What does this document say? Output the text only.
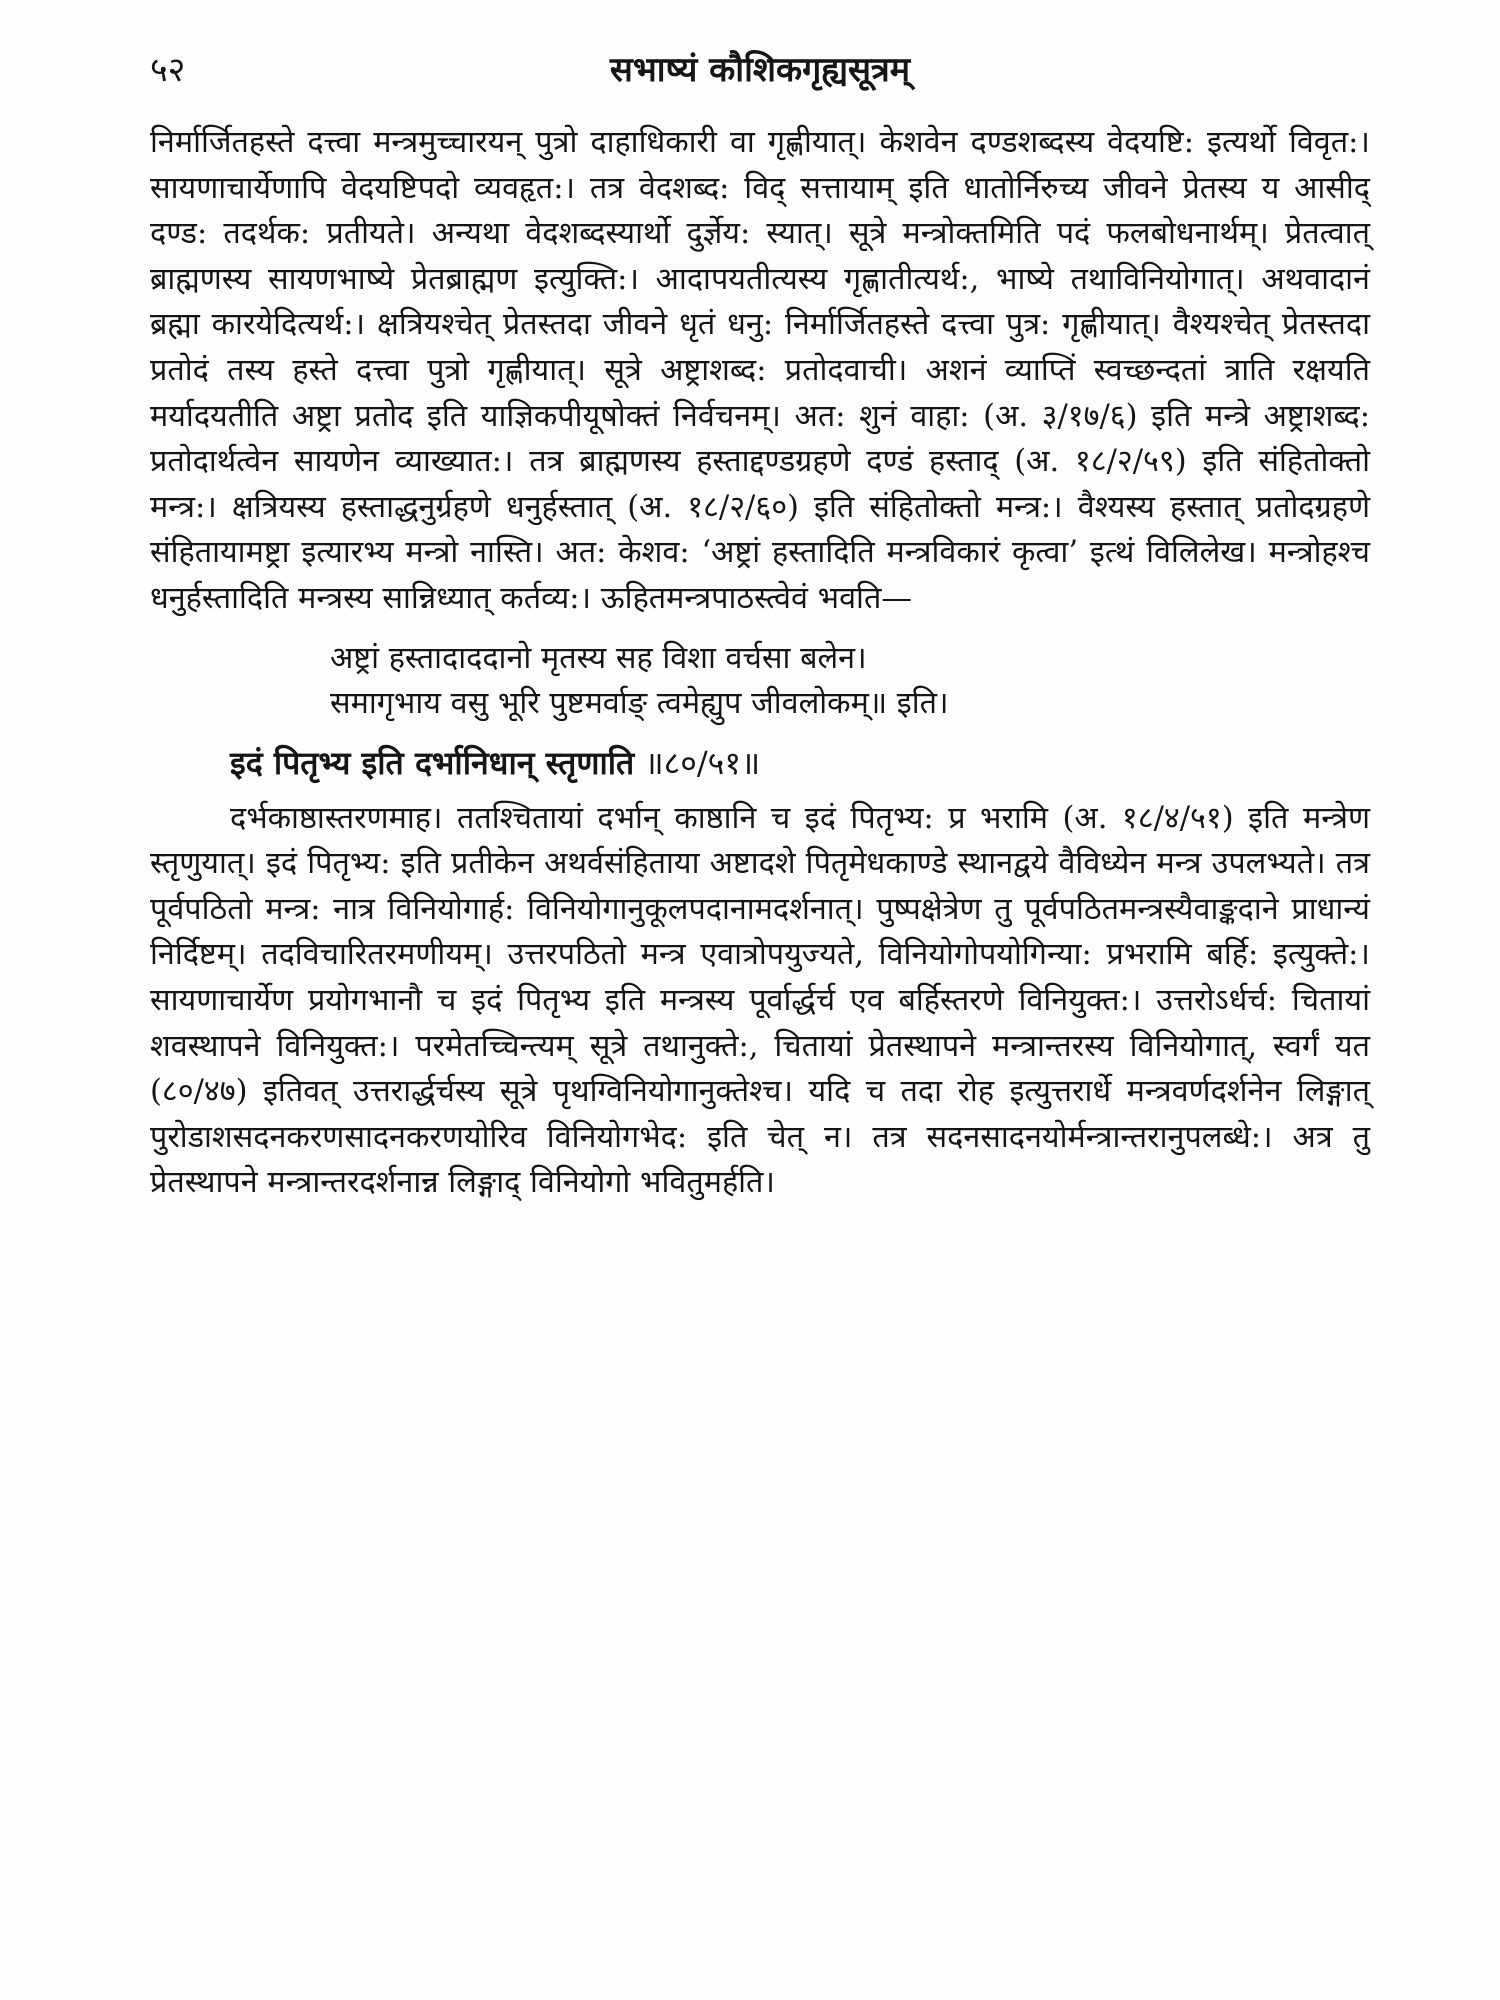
५२	सभाष्यं कौशिकगृह्यसूत्रम्

निर्मार्जितहस्ते दत्त्वा मन्त्रमुच्चारयन् पुत्रो दाहाधिकारी वा गृह्णीयात्। केशवेन दण्डशब्दस्य वेदयष्टि: इत्यर्थो विवृत:। सायणाचार्येणापि वेदयष्टिपदो व्यवहृत:। तत्र वेदशब्द: विद् सत्तायाम् इति धातोर्निरुच्य जीवने प्रेतस्य य आसीद् दण्ड: तदर्थक: प्रतीयते। अन्यथा वेदशब्दस्यार्थो दुर्ज्ञेय: स्यात्। सूत्रे मन्त्रोक्तमिति पदं फलबोधनार्थम्। प्रेतत्वात् ब्राह्मणस्य सायणभाष्ये प्रेतब्राह्मण इत्युक्ति:। आदापयतीत्यस्य गृह्णातीत्यर्थ:, भाष्ये तथाविनियोगात्। अथवादानं ब्रह्मा कारयेदित्यर्थ:। क्षत्रियश्चेत् प्रेतस्तदा जीवने धृतं धनु: निर्मार्जितहस्ते दत्त्वा पुत्र: गृह्णीयात्। वैश्यश्चेत् प्रेतस्तदा प्रतोदं तस्य हस्ते दत्त्वा पुत्रो गृह्णीयात्। सूत्रे अष्ट्राशब्द: प्रतोदवाची। अशनं व्याप्तिं स्वच्छन्दतां त्राति रक्षयति मर्यादयतीति अष्ट्रा प्रतोद इति याज्ञिकपीयूषोक्तं निर्वचनम्। अत: शुनं वाहा: (अ. ३/१७/६) इति मन्त्रे अष्ट्राशब्द: प्रतोदार्थत्वेन सायणेन व्याख्यात:। तत्र ब्राह्मणस्य हस्ताद्दण्डग्रहणे दण्डं हस्ताद् (अ. १८/२/५९) इति संहितोक्तो मन्त्र:। क्षत्रियस्य हस्ताद्धनुर्ग्रहणे धनुर्हस्तात् (अ. १८/२/६०) इति संहितोक्तो मन्त्र:। वैश्यस्य हस्तात् प्रतोदग्रहणे संहितायामष्ट्रा इत्यारभ्य मन्त्रो नास्ति। अत: केशव: ‘अष्ट्रां हस्तादिति मन्त्रविकारं कृत्वा’ इत्थं विलिलेख। मन्त्रोहश्च धनुर्हस्तादिति मन्त्रस्य सान्निध्यात् कर्तव्य:। ऊहितमन्त्रपाठस्त्वेवं भवति—

अष्ट्रां हस्तादाददानो मृतस्य सह विशा वर्चसा बलेन।
समागृभाय वसु भूरि पुष्टमर्वाङ् त्वमेह्युप जीवलोकम्॥ इति।
इदं पितृभ्य इति दर्भानिधान् स्तृणाति ॥८०/५१॥

दर्भकाष्ठास्तरणमाह। ततश्चितायां दर्भान् काष्ठानि च इदं पितृभ्य: प्र भरामि (अ. १८/४/५१) इति मन्त्रेण स्तृणुयात्। इदं पितृभ्य: इति प्रतीकेन अथर्वसंहिताया अष्टादशे पितृमेधकाण्डे स्थानद्वये वैविध्येन मन्त्र उपलभ्यते। तत्र पूर्वपठितो मन्त्र: नात्र विनियोगार्ह: विनियोगानुकूलपदानामदर्शनात्। पुष्पक्षेत्रेण तु पूर्वपठितमन्त्रस्यैवाङ्कदाने प्राधान्यं निर्दिष्टम्। तदविचारितरमणीयम्। उत्तरपठितो मन्त्र एवात्रोपयुज्यते, विनियोगोपयोगिन्या: प्रभरामि बर्हि: इत्युक्ते:। सायणाचार्येण प्रयोगभानौ च इदं पितृभ्य इति मन्त्रस्य पूर्वार्द्धर्च एव बर्हिस्तरणे विनियुक्त:। उत्तरोऽर्धर्च: चितायां शवस्थापने विनियुक्त:। परमेतच्चिन्त्यम् सूत्रे तथानुक्ते:, चितायां प्रेतस्थापने मन्त्रान्तरस्य विनियोगात्, स्वर्गं यत (८०/४७) इतिवत् उत्तरार्द्धर्चस्य सूत्रे पृथग्विनियोगानुक्तेश्च। यदि च तदा रोह इत्युत्तरार्धे मन्त्रवर्णदर्शनेन लिङ्गात् पुरोडाशसदनकरणसादनकरणयोरिव विनियोगभेद: इति चेत् न। तत्र सदनसादनयोर्मन्त्रान्तरानुपलब्धे:। अत्र तु प्रेतस्थापने मन्त्रान्तरदर्शनान्न लिङ्गाद् विनियोगो भवितुमर्हति।
